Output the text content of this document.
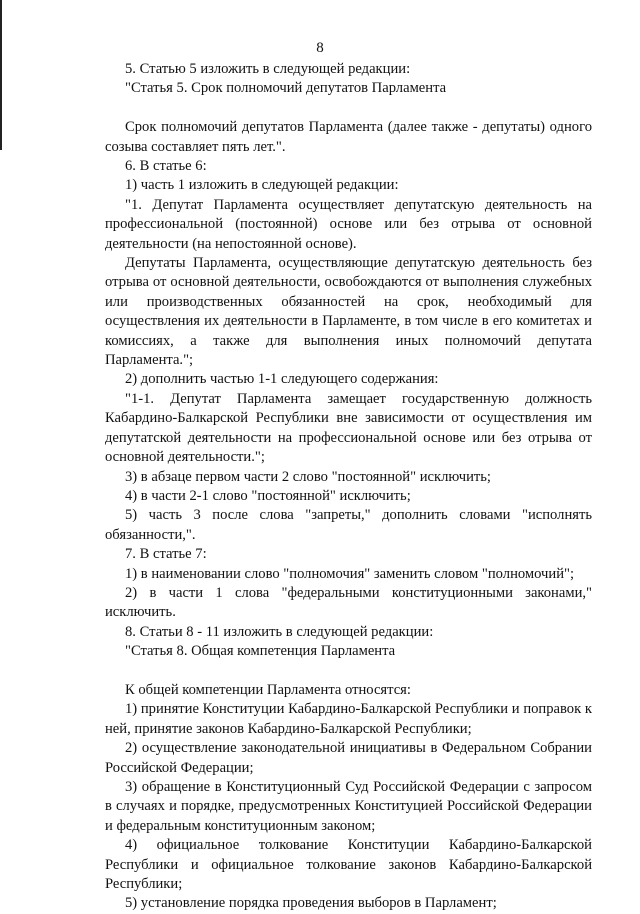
8

5. Статью 5 изложить в следующей редакции:

"Статья 5. Срок полномочий депутатов Парламента

Срок полномочий депутатов Парламента (далее также - депутаты) одного созыва составляет пять лет.".

6. В статье 6:

1) часть 1 изложить в следующей редакции:

"1. Депутат Парламента осуществляет депутатскую деятельность на профессиональной (постоянной) основе или без отрыва от основной деятельности (на непостоянной основе).

Депутаты Парламента, осуществляющие депутатскую деятельность без отрыва от основной деятельности, освобождаются от выполнения служебных или производственных обязанностей на срок, необходимый для осуществления их деятельности в Парламенте, в том числе в его комитетах и комиссиях, а также для выполнения иных полномочий депутата Парламента.";

2) дополнить частью 1-1 следующего содержания:

"1-1. Депутат Парламента замещает государственную должность Кабардино-Балкарской Республики вне зависимости от осуществления им депутатской деятельности на профессиональной основе или без отрыва от основной деятельности.";

3) в абзаце первом части 2 слово "постоянной" исключить;

4) в части 2-1 слово "постоянной" исключить;

5) часть 3 после слова "запреты," дополнить словами "исполнять обязанности,".

7. В статье 7:

1) в наименовании слово "полномочия" заменить словом "полномочий";

2) в части 1 слова "федеральными конституционными законами," исключить.

8. Статьи 8 - 11 изложить в следующей редакции:

"Статья 8. Общая компетенция Парламента

К общей компетенции Парламента относятся:

1) принятие Конституции Кабардино-Балкарской Республики и поправок к ней, принятие законов Кабардино-Балкарской Республики;

2) осуществление законодательной инициативы в Федеральном Собрании Российской Федерации;

3) обращение в Конституционный Суд Российской Федерации с запросом в случаях и порядке, предусмотренных Конституцией Российской Федерации и федеральным конституционным законом;

4) официальное толкование Конституции Кабардино-Балкарской Республики и официальное толкование законов Кабардино-Балкарской Республики;

5) установление порядка проведения выборов в Парламент;
